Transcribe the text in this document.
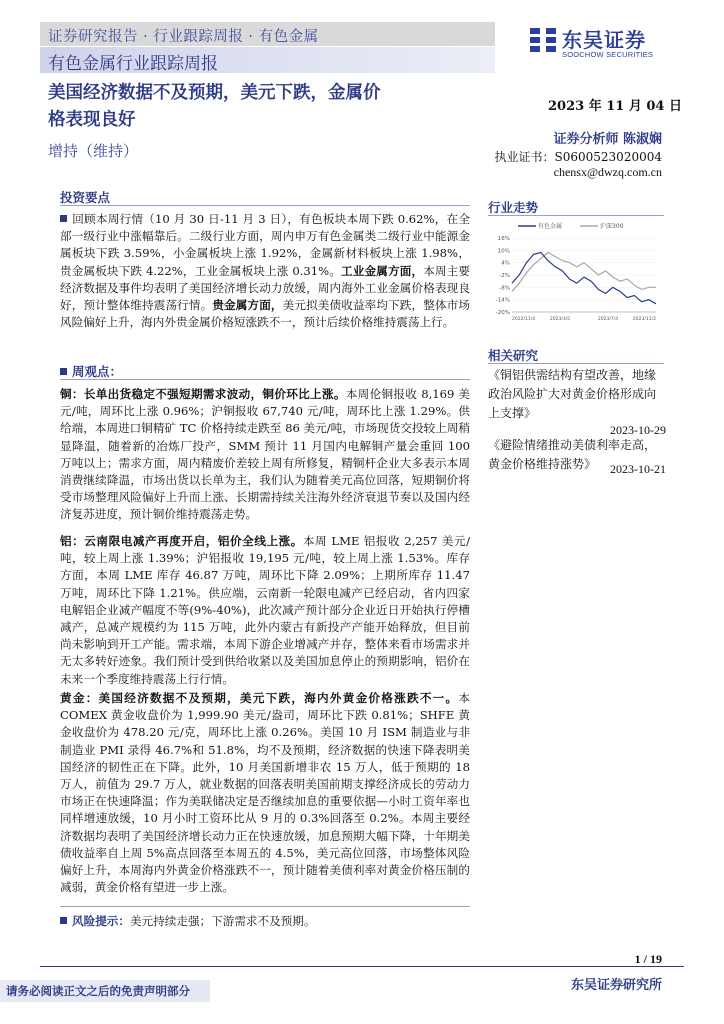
证券研究报告 · 行业跟踪周报 · 有色金属
有色金属行业跟踪周报
东吴证券
SOOCHOW SECURITIES
美国经济数据不及预期，美元下跌，金属价
格表现良好
增持（维持）
2023 年 11 月 04 日
证券分析师 陈淑娴
执业证书：S0600523020004
chensx@dwzq.com.cn
投资要点
回顾本周行情（10 月 30 日-11 月 3 日），有色板块本周下跌 0.62%，在全部一级行业中涨幅靠后。二级行业方面，周内申万有色金属类二级行业中能源金属板块下跌 3.59%，小金属板块上涨 1.92%，金属新材料板块上涨 1.98%，贵金属板块下跌 4.22%，工业金属板块上涨 0.31%。工业金属方面，本周主要经济数据及事件均表明了美国经济增长动力放缓，周内海外工业金属价格表现良好，预计整体维持震荡行情。贵金属方面，美元拟美债收益率均下跌，整体市场风险偏好上升，海内外贵金属价格短涨跌不一，预计后续价格维持震荡上行。
周观点：
铜：长单出货稳定不强短期需求波动，铜价环比上涨。本周伦铜报收 8,169 美元/吨，周环比上涨 0.96%；沪铜报收 67,740 元/吨，周环比上涨 1.29%。供给端，本周进口铜精矿 TC 价格持续走跌至 86 美元/吨，市场现货交投较上周稍显降温，随着新的冶炼厂投产，SMM 预计 11 月国内电解铜产量会重回 100 万吨以上；需求方面，周内精废价差较上周有所修复，精铜杆企业大多表示本周消费继续降温，市场出货以长单为主，我们认为随着美元高位回落，短期铜价将受市场整理风险偏好上升而上涨、长期需持续关注海外经济衰退节奏以及国内经济复苏进度，预计铜价维持震荡走势。
铝：云南限电减产再度开启，铝价全线上涨。本周 LME 铝报收 2,257 美元/吨，较上周上涨 1.39%；沪铝报收 19,195 元/吨，较上周上涨 1.53%。库存方面，本周 LME 库存 46.87 万吨，周环比下降 2.09%；上期所库存 11.47 万吨，周环比下降 1.21%。供应端，云南新一轮限电减产已经启动，省内四家电解铝企业减产幅度不等(9%-40%)，此次减产预计部分企业近日开始执行停槽减产，总减产规模约为 115 万吨，此外内蒙古有新投产产能开始释放，但目前尚未影响到开工产能。需求端，本周下游企业增减产并存，整体来看市场需求并无太多转好迹象。我们预计受到供给收紧以及美国加息停止的预期影响，铝价在未来一个季度维持震荡上行行情。
黄金：美国经济数据不及预期，美元下跌，海内外黄金价格涨跌不一。本 COMEX 黄金收盘价为 1,999.90 美元/盎司，周环比下跌 0.81%；SHFE 黄金收盘价为 478.20 元/克，周环比上涨 0.26%。美国 10 月 ISM 制造业与非制造业 PMI 录得 46.7%和 51.8%，均不及预期，经济数据的快速下降表明美国经济的韧性正在下降。此外，10 月美国新增非农 15 万人，低于预期的 18 万人，前值为 29.7 万人，就业数据的回落表明美国前期支撑经济成长的劳动力市场正在快速降温；作为美联储决定是否继续加息的重要依据—小时工资年率也同样增速放缓，10 月小时工资环比从 9 月的 0.3%回落至 0.2%。本周主要经济数据均表明了美国经济增长动力正在快速放缓，加息预期大幅下降，十年期美债收益率自上周 5%高点回落至本周五的 4.5%，美元高位回落，市场整体风险偏好上升，本周海内外黄金价格涨跌不一，预计随着美债利率对黄金价格压制的减弱，黄金价格有望进一步上涨。
风险提示：美元持续走强；下游需求不及预期。
行业走势
有色金属	沪深300
16%
10%
4%
-2%
-8%
-14%
-20%
2022/11/4	2023/3/5	2023/7/4	2023/11/2
相关研究
《铜铝供需结构有望改善，地缘政治风险扩大对黄金价格形成向上支撑》
2023-10-29
《避险情绪推动美债利率走高，黄金价格维持涨势》	2023-10-21
1 / 19
东吴证券研究所
请务必阅读正文之后的免责声明部分
